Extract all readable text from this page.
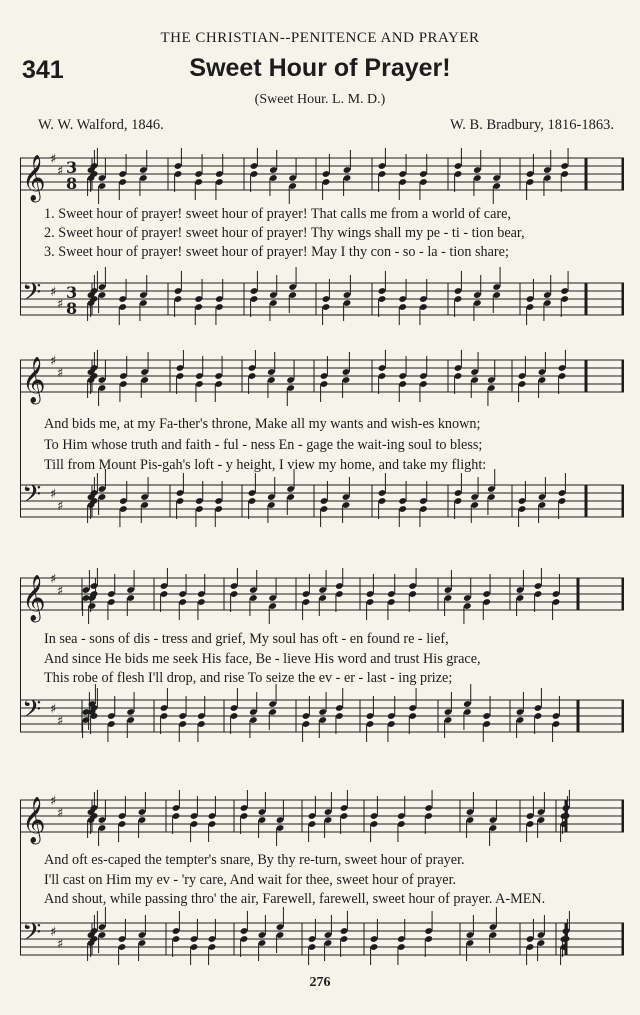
THE CHRISTIAN--PENITENCE AND PRAYER
341	Sweet Hour of Prayer!
(Sweet Hour. L. M. D.)
W. W. Walford, 1846.	W. B. Bradbury, 1816-1863.
𝄞 ♯
♯
𝄢 ♯
♯
3
8
3
8
1. Sweet hour of prayer! sweet hour of prayer! That calls me from a world of care,
2. Sweet hour of prayer! sweet hour of prayer! Thy wings shall my pe - ti - tion bear,
3. Sweet hour of prayer! sweet hour of prayer! May I thy con - so - la - tion share;
𝄞 ♯
♯
𝄢 ♯
♯
And bids me, at my Fa-ther's throne, Make all my wants and wish-es known;
To Him whose truth and faith - ful - ness En - gage the wait-ing soul to bless;
Till from Mount Pis-gah's loft - y height, I view my home, and take my flight:
𝄞 ♯
♯
𝄢 ♯
♯
In sea - sons of dis - tress and grief, My soul has oft - en found re - lief,
And since He bids me seek His face, Be - lieve His word and trust His grace,
This robe of flesh I'll drop, and rise To seize the ev - er - last - ing prize;
𝄞 ♯
♯
𝄢 ♯
♯
And oft es-caped the tempter's snare, By thy re-turn, sweet hour of prayer.
I'll cast on Him my ev - 'ry care, And wait for thee, sweet hour of prayer.
And shout, while passing thro' the air, Farewell, farewell, sweet hour of prayer. A-MEN.
276
